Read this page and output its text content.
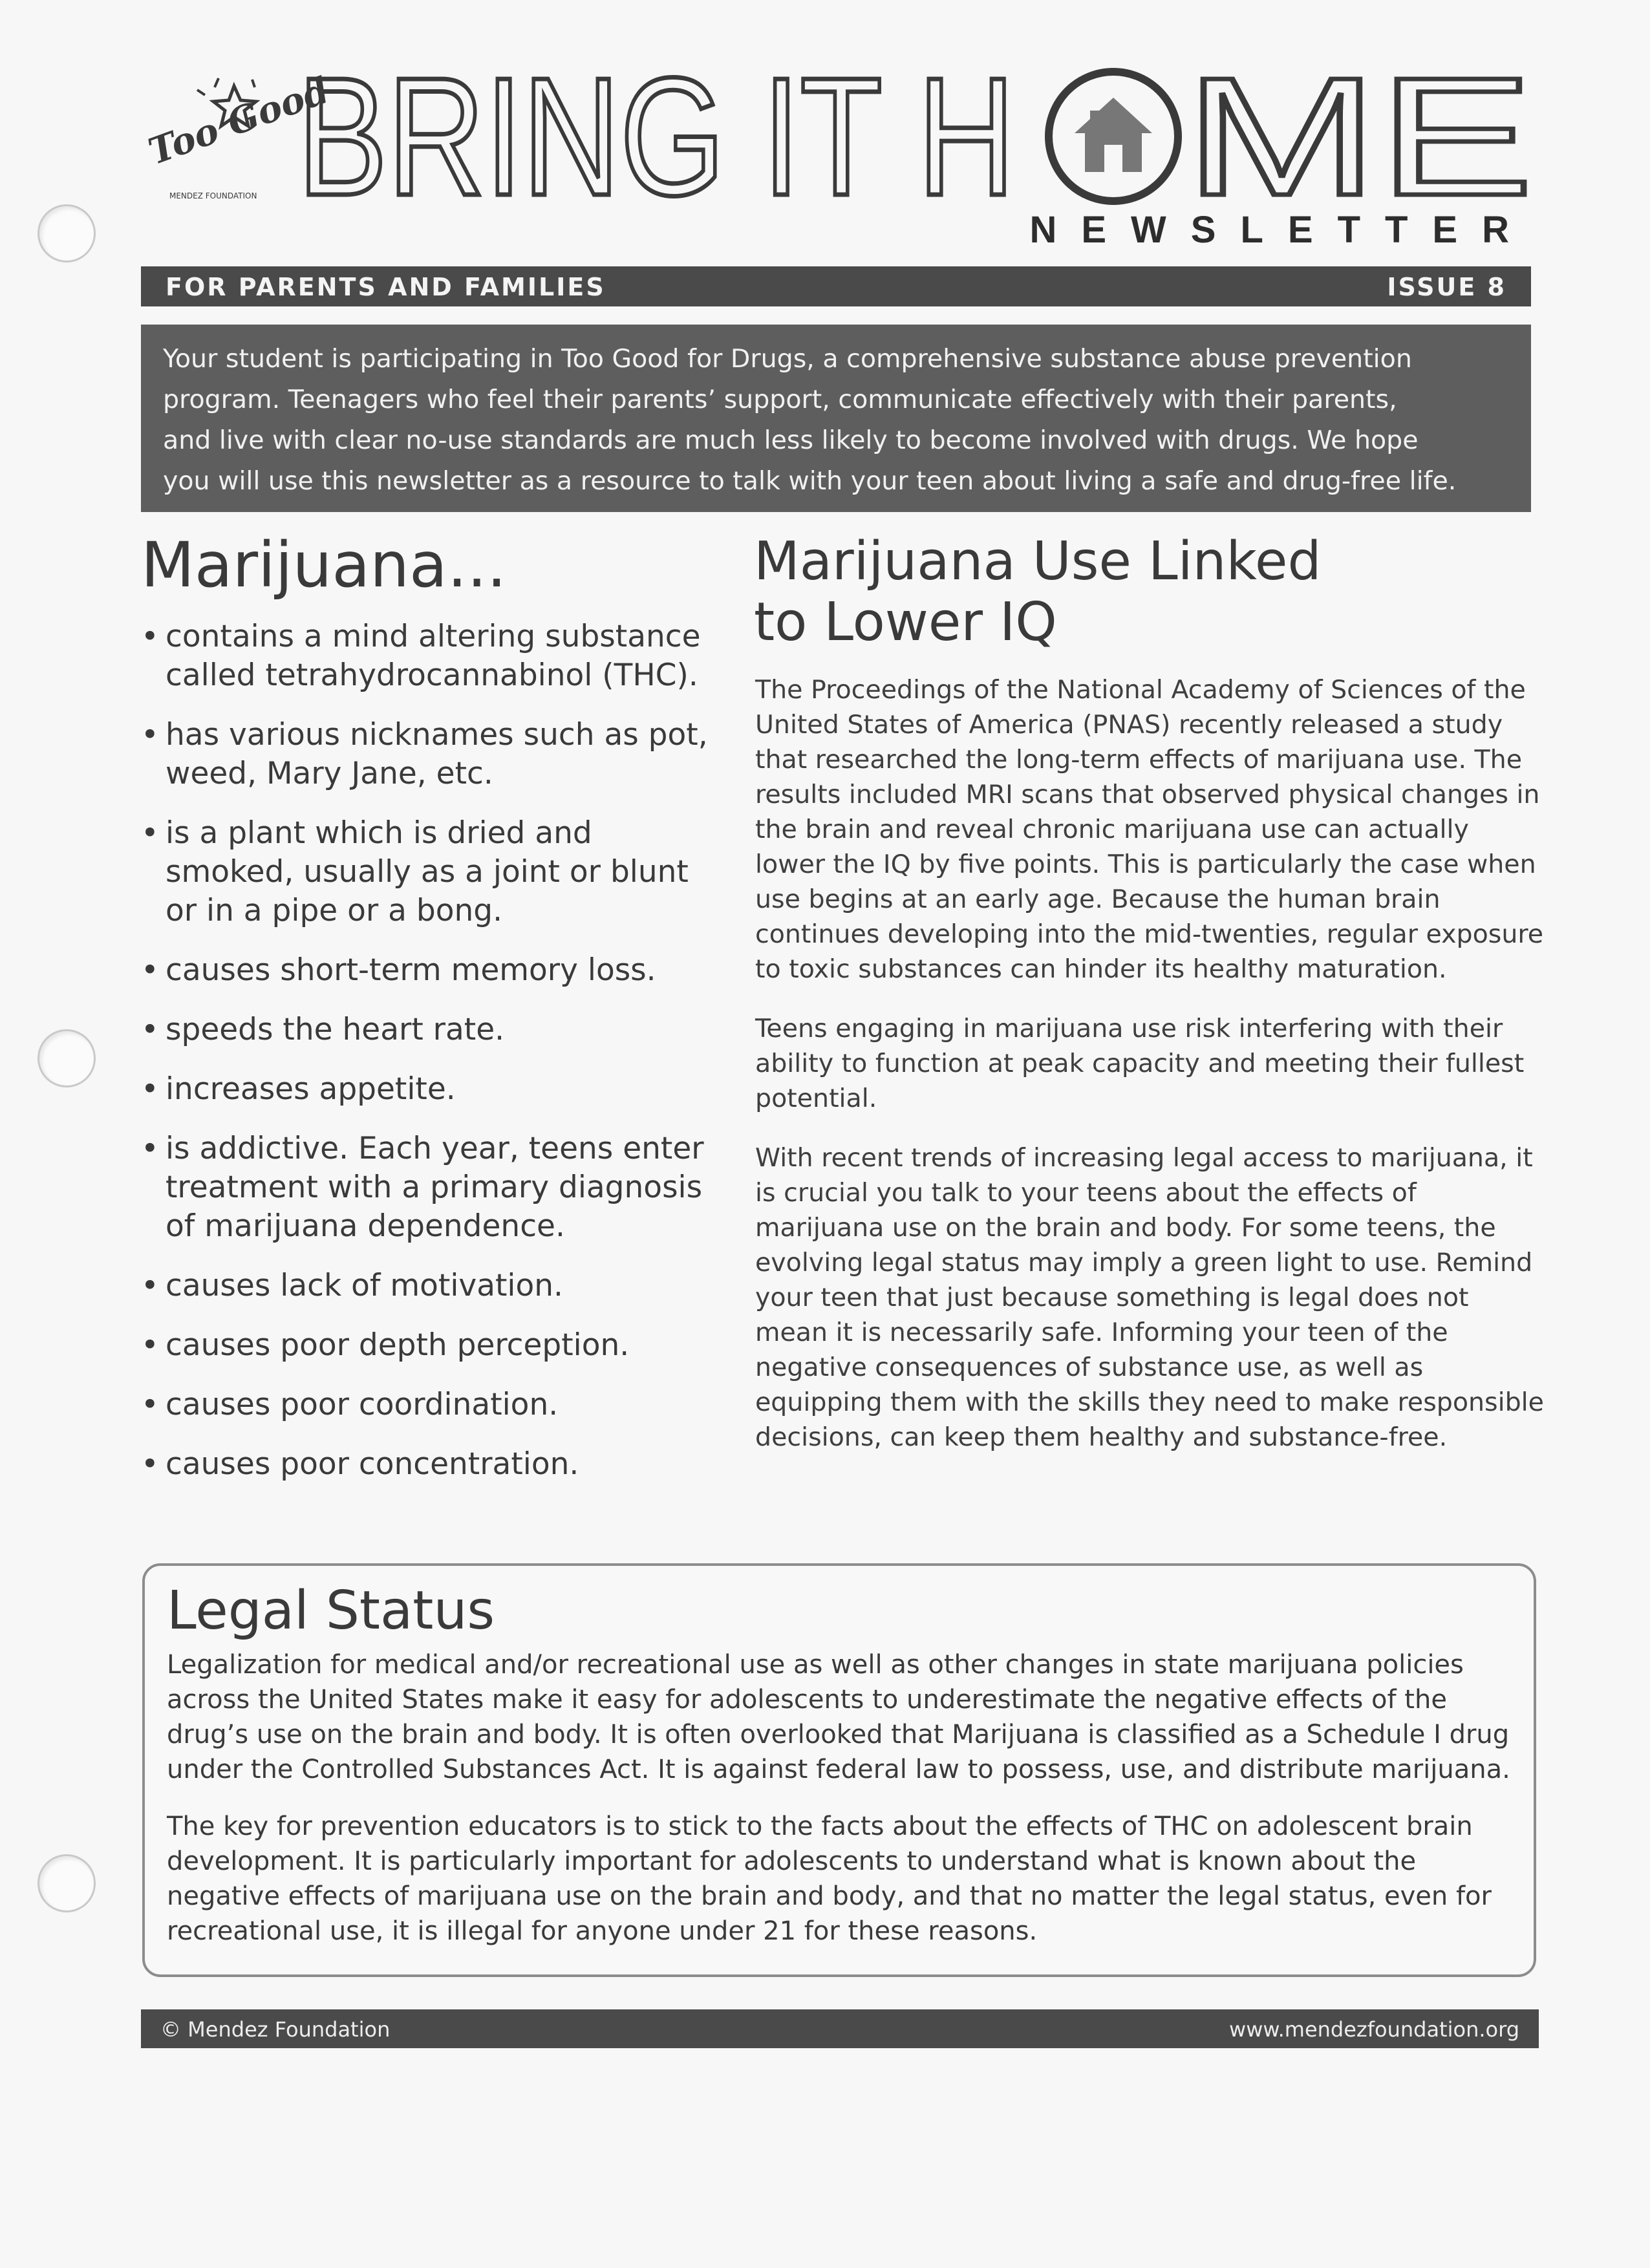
Too Good
MENDEZ FOUNDATION BRING IT H ME
NEWSLETTER
FOR PARENTS AND FAMILIES	ISSUE 8
Your student is participating in Too Good for Drugs, a comprehensive substance abuse prevention
program. Teenagers who feel their parents’ support, communicate effectively with their parents,
and live with clear no-use standards are much less likely to become involved with drugs. We hope
you will use this newsletter as a resource to talk with your teen about living a safe and drug-free life.
Marijuana...
• contains a mind altering substance called tetrahydrocannabinol (THC).
• has various nicknames such as pot, weed, Mary Jane, etc.
• is a plant which is dried and smoked, usually as a joint or blunt or in a pipe or a bong.
• causes short-term memory loss.
• speeds the heart rate.
• increases appetite.
• is addictive. Each year, teens enter treatment with a primary diagnosis of marijuana dependence.
• causes lack of motivation.
• causes poor depth perception.
• causes poor coordination.
• causes poor concentration.
Marijuana Use Linked
to Lower IQ

The Proceedings of the National Academy of Sciences of the United States of America (PNAS) recently released a study that researched the long-term effects of marijuana use. The results included MRI scans that observed physical changes in the brain and reveal chronic marijuana use can actually lower the IQ by five points. This is particularly the case when use begins at an early age. Because the human brain continues developing into the mid-twenties, regular exposure to toxic substances can hinder its healthy maturation.

Teens engaging in marijuana use risk interfering with their ability to function at peak capacity and meeting their fullest potential.

With recent trends of increasing legal access to marijuana, it is crucial you talk to your teens about the effects of marijuana use on the brain and body. For some teens, the evolving legal status may imply a green light to use. Remind your teen that just because something is legal does not mean it is necessarily safe. Informing your teen of the negative consequences of substance use, as well as equipping them with the skills they need to make responsible decisions, can keep them healthy and substance-free.

Legal Status

Legalization for medical and/or recreational use as well as other changes in state marijuana policies across the United States make it easy for adolescents to underestimate the negative effects of the drug’s use on the brain and body. It is often overlooked that Marijuana is classified as a Schedule I drug under the Controlled Substances Act. It is against federal law to possess, use, and distribute marijuana.

The key for prevention educators is to stick to the facts about the effects of THC on adolescent brain development. It is particularly important for adolescents to understand what is known about the negative effects of marijuana use on the brain and body, and that no matter the legal status, even for recreational use, it is illegal for anyone under 21 for these reasons.

© Mendez Foundation	www.mendezfoundation.org
